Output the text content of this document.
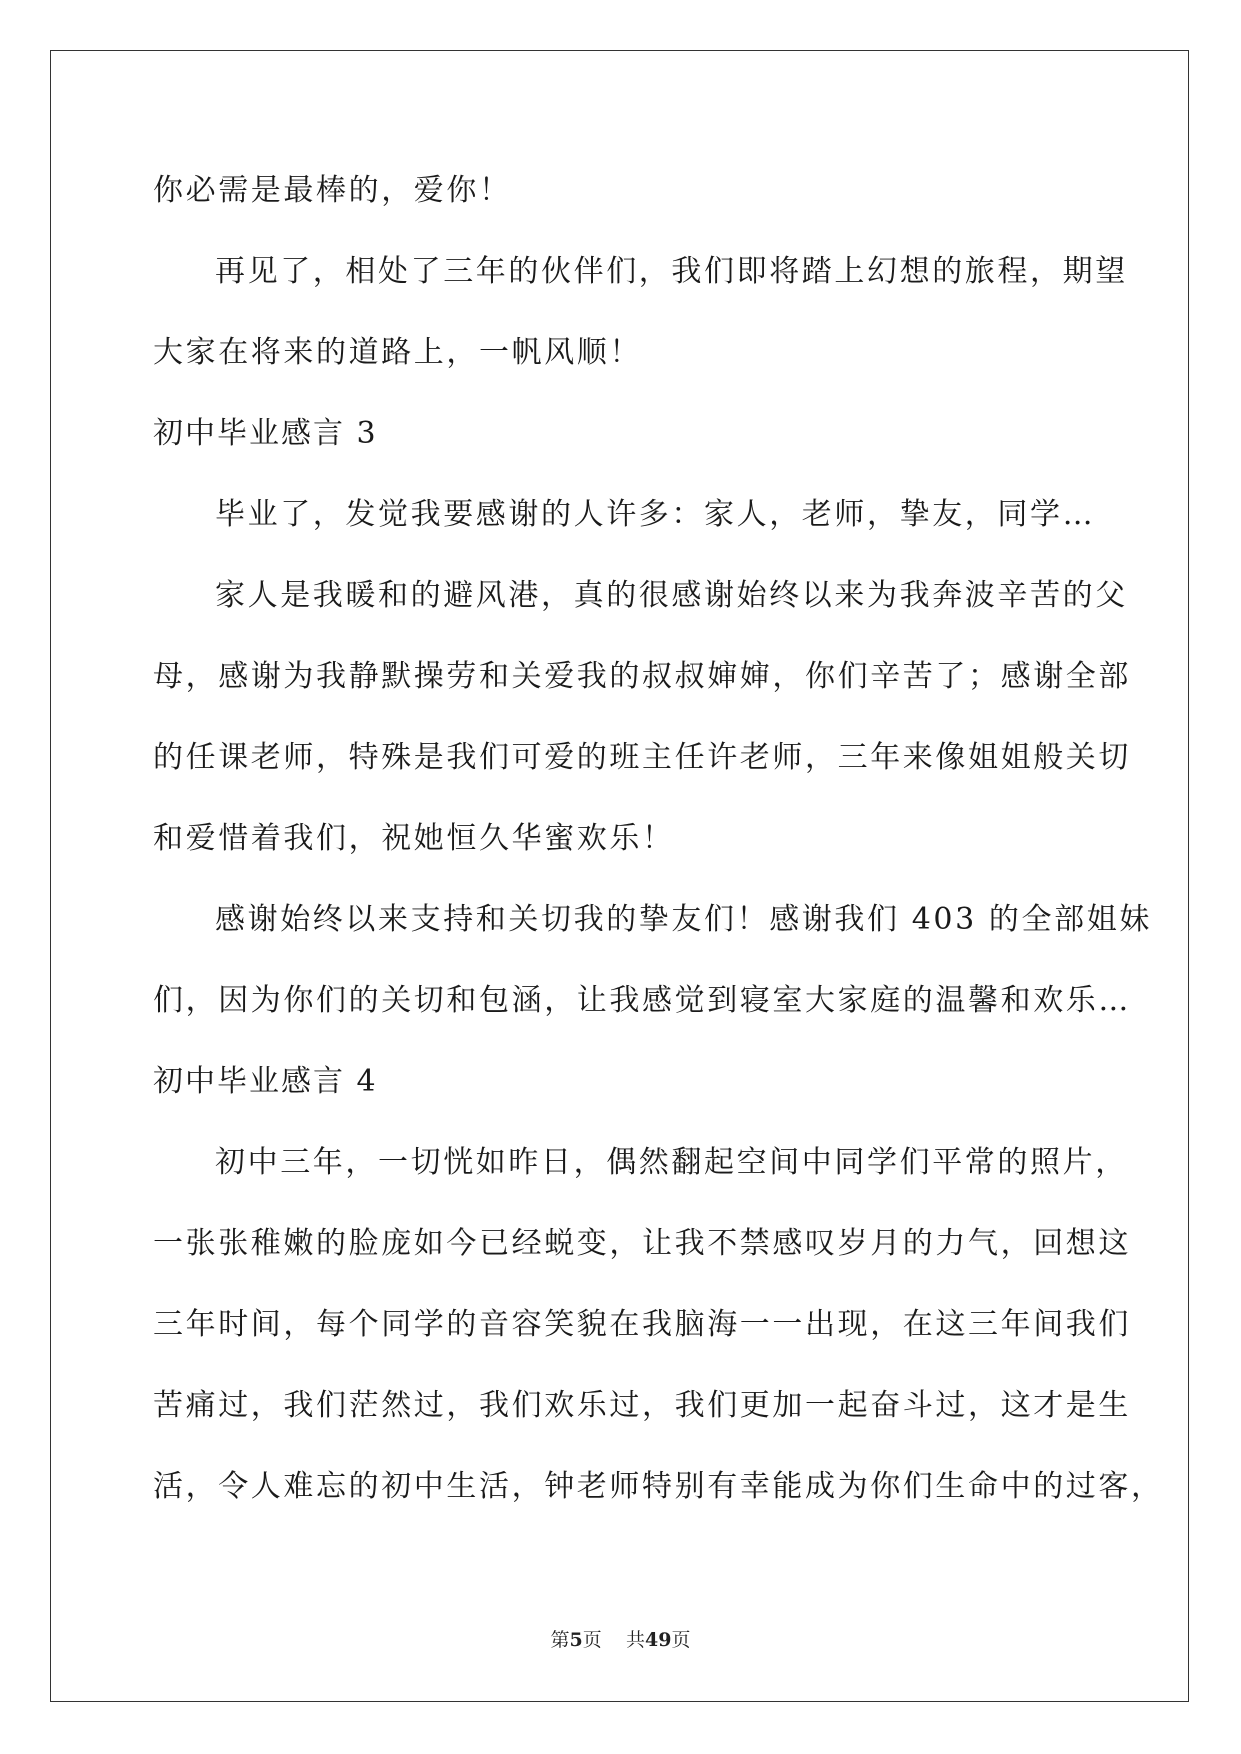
你必需是最棒的，爱你！
再见了，相处了三年的伙伴们，我们即将踏上幻想的旅程，期望
大家在将来的道路上，一帆风顺！
初中毕业感言 3
毕业了，发觉我要感谢的人许多：家人，老师，挚友，同学…
家人是我暖和的避风港，真的很感谢始终以来为我奔波辛苦的父
母，感谢为我静默操劳和关爱我的叔叔婶婶，你们辛苦了；感谢全部
的任课老师，特殊是我们可爱的班主任许老师，三年来像姐姐般关切
和爱惜着我们，祝她恒久华蜜欢乐！
感谢始终以来支持和关切我的挚友们！感谢我们 403 的全部姐妹
们，因为你们的关切和包涵，让我感觉到寝室大家庭的温馨和欢乐…
初中毕业感言 4
初中三年，一切恍如昨日，偶然翻起空间中同学们平常的照片，
一张张稚嫩的脸庞如今已经蜕变，让我不禁感叹岁月的力气，回想这
三年时间，每个同学的音容笑貌在我脑海一一出现，在这三年间我们
苦痛过，我们茫然过，我们欢乐过，我们更加一起奋斗过，这才是生
活，令人难忘的初中生活，钟老师特别有幸能成为你们生命中的过客，
第5页 共49页
